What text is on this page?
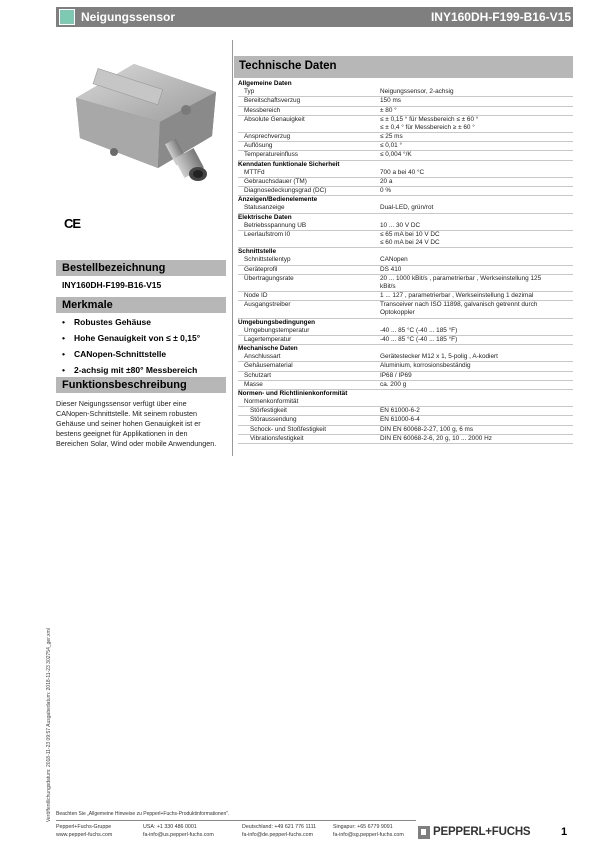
Neigungssensor	INY160DH-F199-B16-V15
CE
Bestellbezeichnung
INY160DH-F199-B16-V15
Merkmale
• Robustes Gehäuse
• Hohe Genauigkeit von ≤ ± 0,15°
• CANopen-Schnittstelle
• 2-achsig mit ±80° Messbereich
Funktionsbeschreibung
Dieser Neigungssensor verfügt über eine
CANopen-Schnittstelle. Mit seinem robusten
Gehäuse und seiner hohen Genauigkeit ist er
bestens geeignet für Applikationen in den
Bereichen Solar, Wind oder mobile Anwendungen.
Veröffentlichungsdatum: 2018-11-23 09:57 Ausgabedatum: 2018-11-23 302754_ger.xml
Technische Daten
Allgemeine Daten
Typ	Neigungssensor, 2-achsig
Bereitschaftsverzug	150 ms
Messbereich	± 80 °
Absolute Genauigkeit	≤ ± 0,15 ° für Messbereich ≤ ± 60 °
≤ ± 0,4 ° für Messbereich ≥ ± 60 °
Ansprechverzug	≤ 25 ms
Auflösung	≤ 0,01 °
Temperatureinfluss	≤ 0,004 °/K
Kenndaten funktionale Sicherheit
MTTFd	700 a bei 40 °C
Gebrauchsdauer (TM)	20 a
Diagnosedeckungsgrad (DC)	0 %
Anzeigen/Bedienelemente
Statusanzeige	Dual-LED, grün/rot
Elektrische Daten
Betriebsspannung UB	10 ... 30 V DC
Leerlaufstrom I0	≤ 65 mA bei 10 V DC
≤ 60 mA bei 24 V DC
Schnittstelle
Schnittstellentyp	CANopen
Geräteprofil	DS 410
Übertragungsrate	20 ... 1000 kBit/s , parametrierbar , Werkseinstellung 125
kBit/s
Node ID	1 ... 127 , parametrierbar , Werkseinstellung 1 dezimal
Ausgangstreiber	Transceiver nach ISO 11898, galvanisch getrennt durch
Optokoppler
Umgebungsbedingungen
Umgebungstemperatur	-40 ... 85 °C (-40 ... 185 °F)
Lagertemperatur	-40 ... 85 °C (-40 ... 185 °F)
Mechanische Daten
Anschlussart	Gerätestecker M12 x 1, 5-polig , A-kodiert
Gehäusematerial	Aluminium, korrosionsbeständig
Schutzart	IP68 / IP69
Masse	ca. 200 g
Normen- und Richtlinienkonformität
Normenkonformität
Störfestigkeit	EN 61000-6-2
Störaussendung	EN 61000-6-4
Schock- und Stoßfestigkeit	DIN EN 60068-2-27, 100 g, 6 ms
Vibrationsfestigkeit	DIN EN 60068-2-6, 20 g, 10 ... 2000 Hz
Beachten Sie „Allgemeine Hinweise zu Pepperl+Fuchs-Produktinformationen".
Pepperl+Fuchs-Gruppe
www.pepperl-fuchs.com
USA: +1 330 486 0001
fa-info@us.pepperl-fuchs.com
Deutschland: +49 621 776 1111
fa-info@de.pepperl-fuchs.com
Singapur: +65 6779 9091
fa-info@sg.pepperl-fuchs.com	PEPPERL+FUCHS	1
